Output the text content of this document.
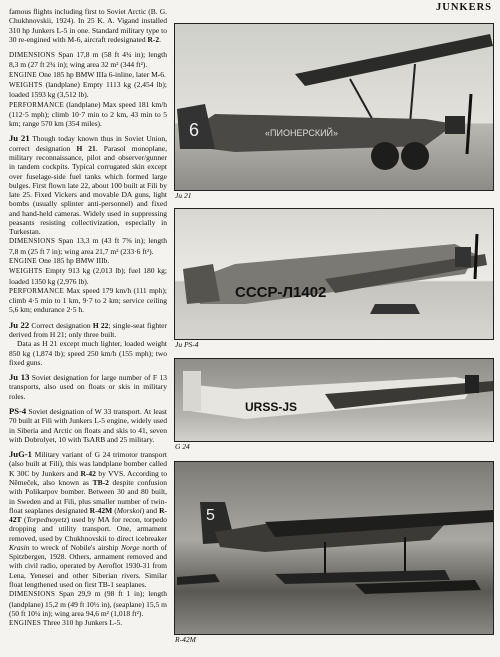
JUNKERS

famous flights including first to Soviet Arctic (B. G. Chukhnovskii, 1924). In 25 K. A. Vigand installed 310 hp Junkers L-5 in one. Standard military type to 30 re-engined with M-6, aircraft redesignated R-2.

DIMENSIONS Span 17,8 m (58 ft 4¾ in); length 8,3 m (27 ft 2¾ in); wing area 32 m² (344 ft²).
ENGINE One 185 hp BMW IIIa 6-inline, later M-6.
WEIGHTS (landplane) Empty 1113 kg (2,454 lb); loaded 1593 kg (3,512 lb).
PERFORMANCE (landplane) Max speed 181 km/h (112·5 mph); climb 10·7 min to 2 km, 43 min to 5 km; range 570 km (354 miles).

Ju 21 Though today known thus in Soviet Union, correct designation H 21. Parasol monoplane, military reconnaissance, pilot and observer/gunner in tandem cockpits. Typical corrugated skin except over fuselage-side fuel tanks which formed large bulges. First flown late 22, about 100 built at Fili by late 25. Fixed Vickers and movable DA guns, light bombs (usually splinter anti-personnel) and fixed and hand-held cameras. Widely used in suppressing peasants resisting collectivization, especially in Turkestan.
DIMENSIONS Span 13,3 m (43 ft 7⅝ in); length 7,8 m (25 ft 7 in); wing area 21,7 m² (233·6 ft²).
ENGINE One 185 hp BMW IIIb.
WEIGHTS Empty 913 kg (2,013 lb); fuel 180 kg; loaded 1350 kg (2,976 lb).
PERFORMANCE Max speed 179 km/h (111 mph); climb 4·5 min to 1 km, 9·7 to 2 km; service ceiling 5,6 km; endurance 2·5 h.

Ju 22 Correct designation H 22; single-seat fighter derived from H 21; only three built.
Data as H 21 except much lighter, loaded weight 850 kg (1,874 lb); speed 250 km/h (155 mph); two fixed guns.

Ju 13 Soviet designation for large number of F 13 transports, also used on floats or skis in military roles.

PS-4 Soviet designation of W 33 transport. At least 70 built at Fili with Junkers L-5 engine, widely used in Siberia and Arctic on floats and skis to 41, seven with Dobrolyet, 10 with TsARB and 25 military.

JuG-1 Military variant of G 24 trimotor transport (also built at Fili), this was landplane bomber called K 30C by Junkers and R-42 by VVS. According to Němeček, also known as TB-2 despite confusion with Polikarpov bomber. Between 30 and 80 built, in Sweden and at Fili, plus smaller number of twin-float seaplanes designated R-42M (Morskoi) and R-42T (Torpednoyetz) used by MA for recon, torpedo dropping and utility transport. One, armament removed, used by Chukhnovskii to direct icebreaker Krasin to wreck of Nobile's airship Norge north of Spitzbergen, 1928. Others, armament removed and with civil radio, operated by Aeroflot 1930-31 from Lena, Yenesei and other Siberian rivers. Similar float lengthened used on first TB-1 seaplanes.
DIMENSIONS Span 29,9 m (98 ft 1 in); length (landplane) 15,2 m (49 ft 10½ in), (seaplane) 15,5 m (50 ft 10¼ in); wing area 94,6 m² (1,018 ft²).
ENGINES Three 310 hp Junkers L-5.

6	«ПИОНЕРСКИЙ»
Ju 21
СССР-Л1402
Ju PS-4
URSS-JS
G 24
5
R-42M
